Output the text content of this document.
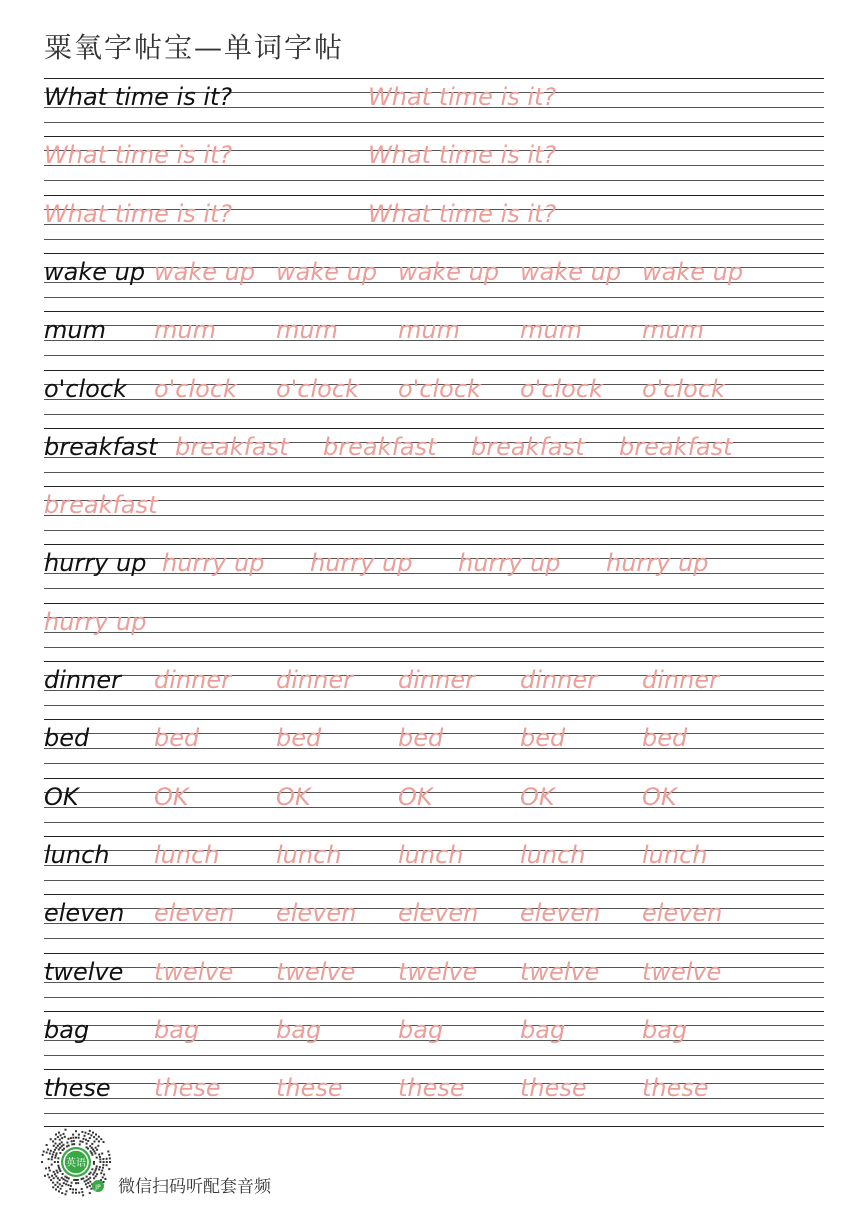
粟氧字帖宝—单词字帖
What time is it?	What time is it?
What time is it?	What time is it?
What time is it?	What time is it?
wake up wake up wake up wake up wake up wake up
mum mum	mum	mum	mum	mum
o'clock o'clock o'clock o'clock o'clock o'clock
breakfast breakfast breakfast breakfast breakfast
breakfast
hurry up hurry up hurry up hurry up hurry up
hurry up
dinner dinner dinner dinner dinner dinner
bed	bed	bed	bed	bed	bed
OK	OK	OK	OK	OK	OK
lunch lunch lunch lunch lunch lunch
eleven eleven eleven eleven eleven eleven
twelve twelve twelve twelve twelve twelve
bag	bag	bag	bag	bag	bag
these these these these these these
英语
JP 微信扫码听配套音频
